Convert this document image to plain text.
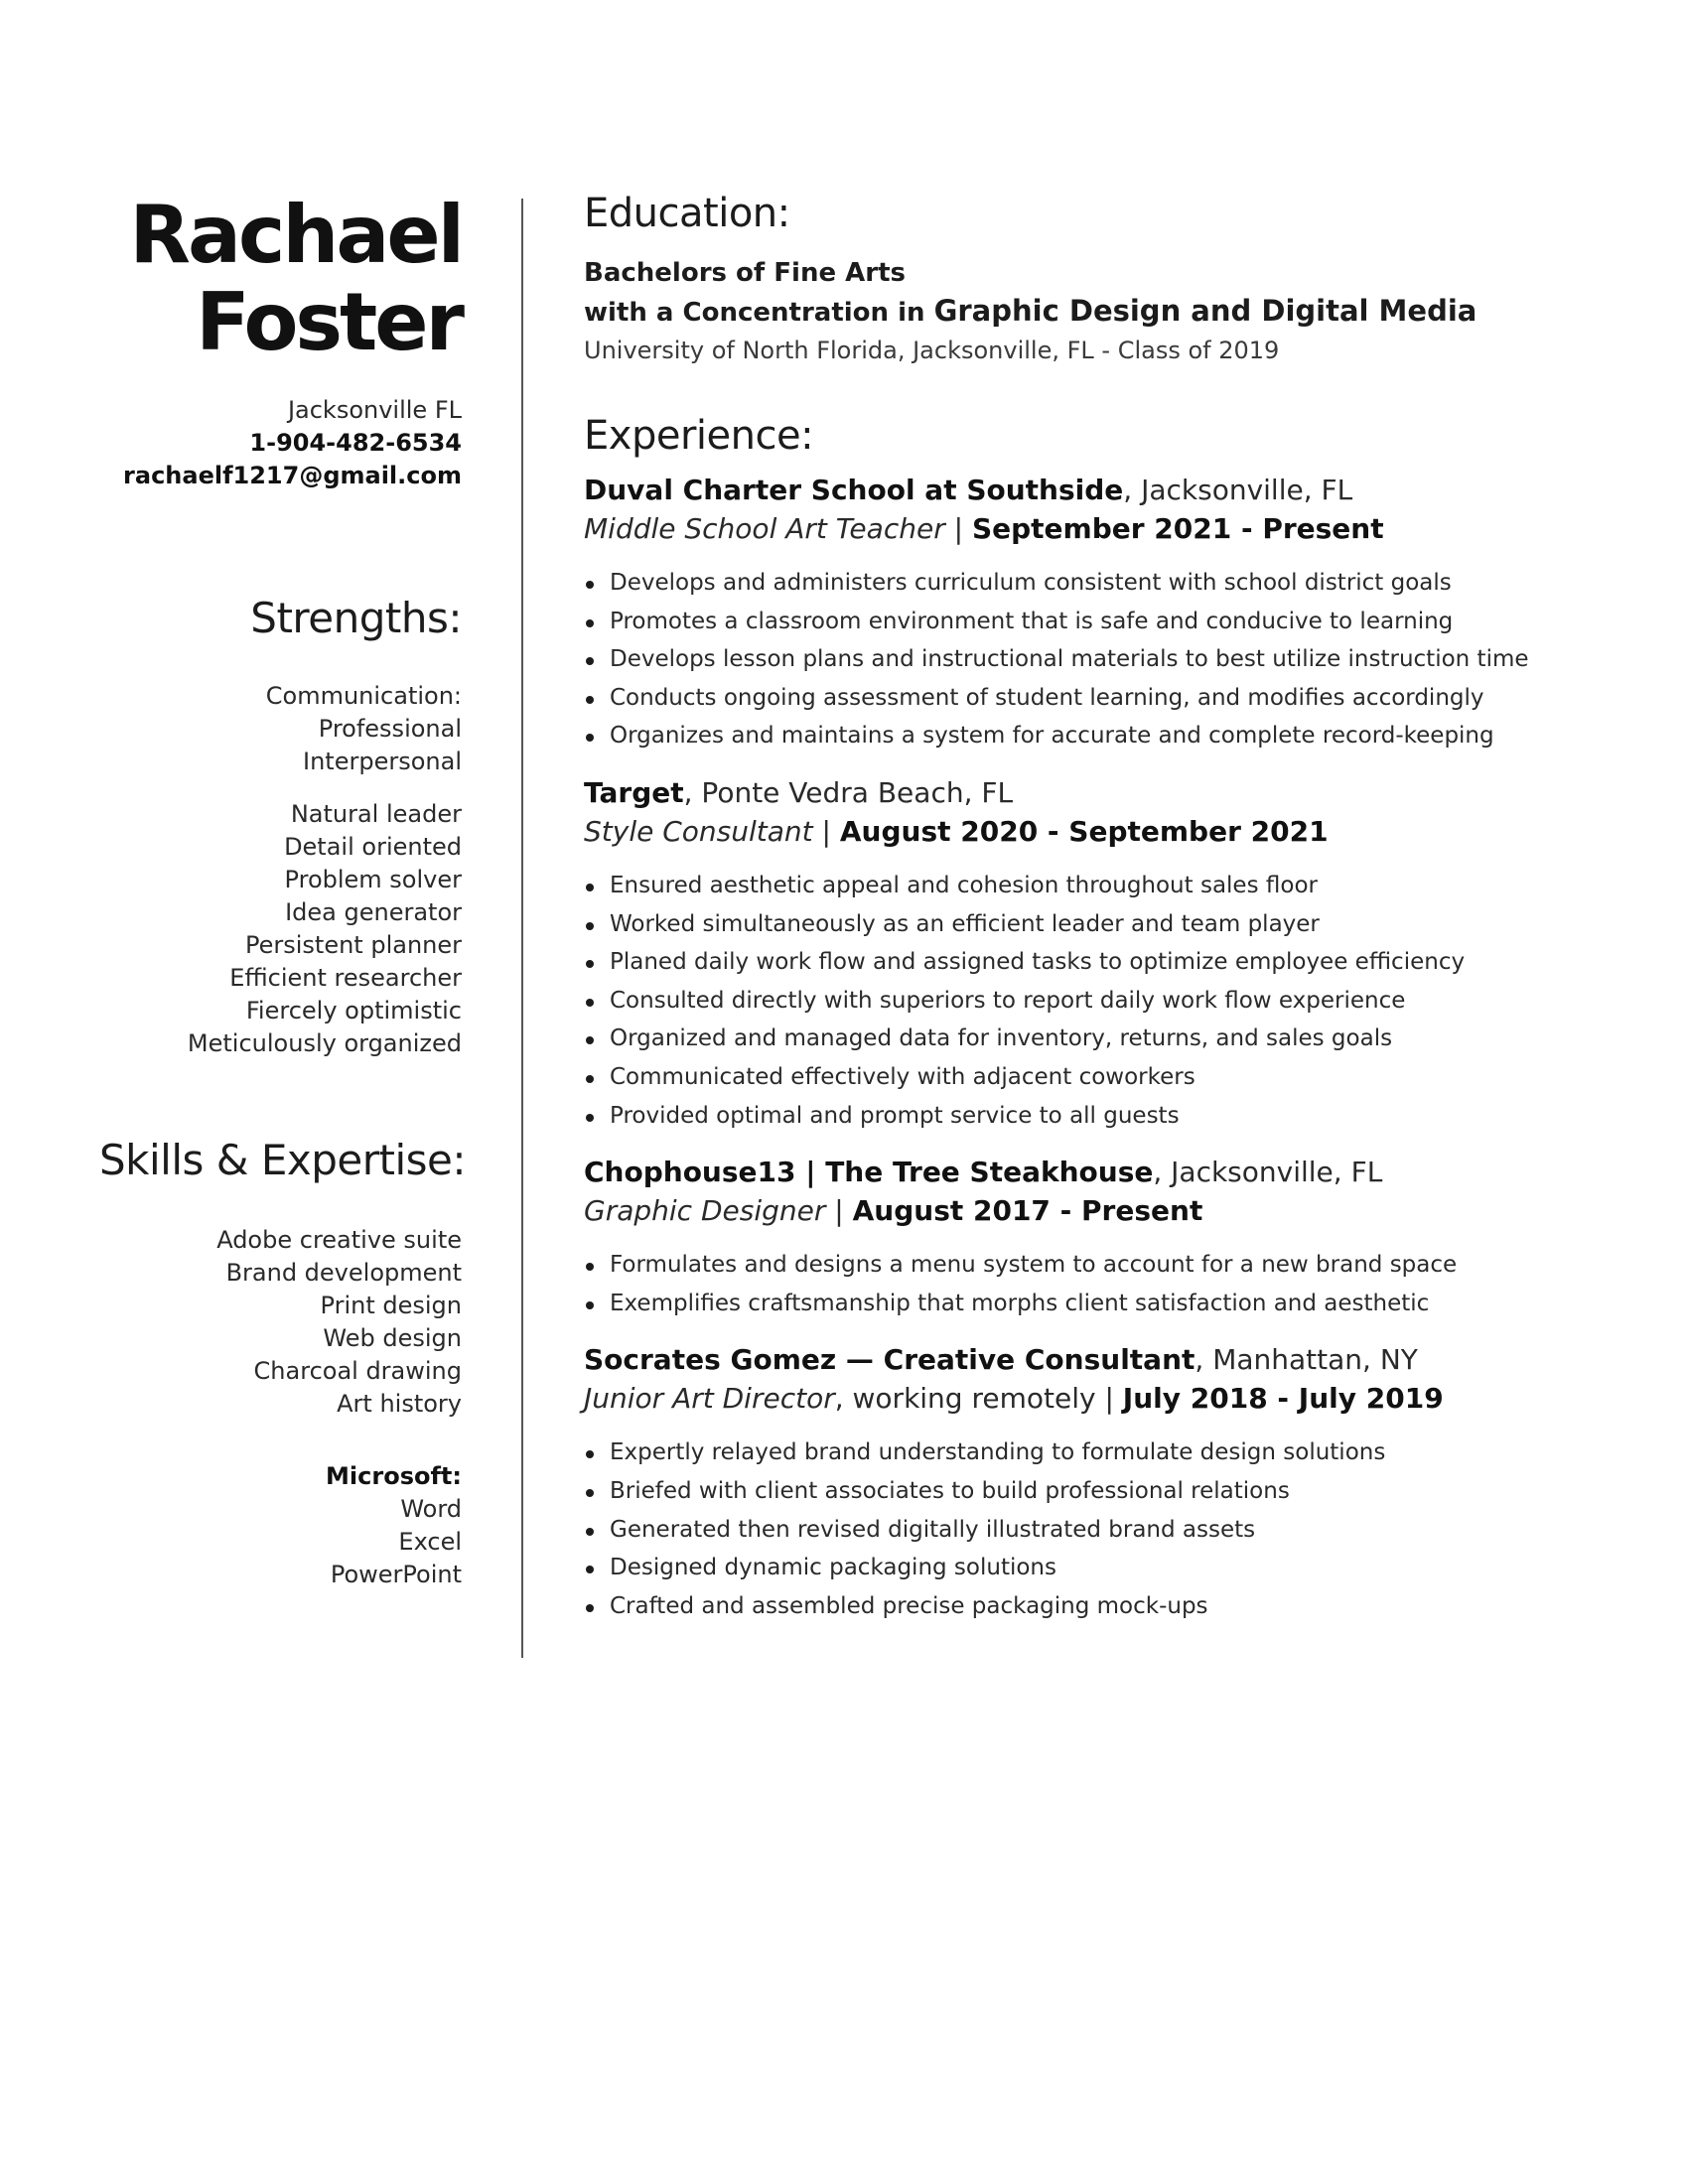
Rachael
Foster
Jacksonville FL
1-904-482-6534
rachaelf1217@gmail.com
Strengths:
Communication:
Professional
Interpersonal
Natural leader
Detail oriented
Problem solver
Idea generator
Persistent planner
Efficient researcher
Fiercely optimistic
Meticulously organized
Skills & Expertise:
Adobe creative suite
Brand development
Print design
Web design
Charcoal drawing
Art history
Microsoft:
Word
Excel
PowerPoint
Education:
Bachelors of Fine Arts
with a Concentration in Graphic Design and Digital Media
University of North Florida, Jacksonville, FL - Class of 2019
Experience:
Duval Charter School at Southside, Jacksonville, FL
Middle School Art Teacher | September 2021 - Present
Develops and administers curriculum consistent with school district goals
Promotes a classroom environment that is safe and conducive to learning
Develops lesson plans and instructional materials to best utilize instruction time
Conducts ongoing assessment of student learning, and modifies accordingly
Organizes and maintains a system for accurate and complete record-keeping
Target, Ponte Vedra Beach, FL
Style Consultant | August 2020 - September 2021
Ensured aesthetic appeal and cohesion throughout sales floor
Worked simultaneously as an efficient leader and team player
Planed daily work flow and assigned tasks to optimize employee efficiency
Consulted directly with superiors to report daily work flow experience
Organized and managed data for inventory, returns, and sales goals
Communicated effectively with adjacent coworkers
Provided optimal and prompt service to all guests
Chophouse13 | The Tree Steakhouse, Jacksonville, FL
Graphic Designer | August 2017 - Present
Formulates and designs a menu system to account for a new brand space
Exemplifies craftsmanship that morphs client satisfaction and aesthetic
Socrates Gomez — Creative Consultant, Manhattan, NY
Junior Art Director, working remotely | July 2018 - July 2019
Expertly relayed brand understanding to formulate design solutions
Briefed with client associates to build professional relations
Generated then revised digitally illustrated brand assets
Designed dynamic packaging solutions
Crafted and assembled precise packaging mock-ups
